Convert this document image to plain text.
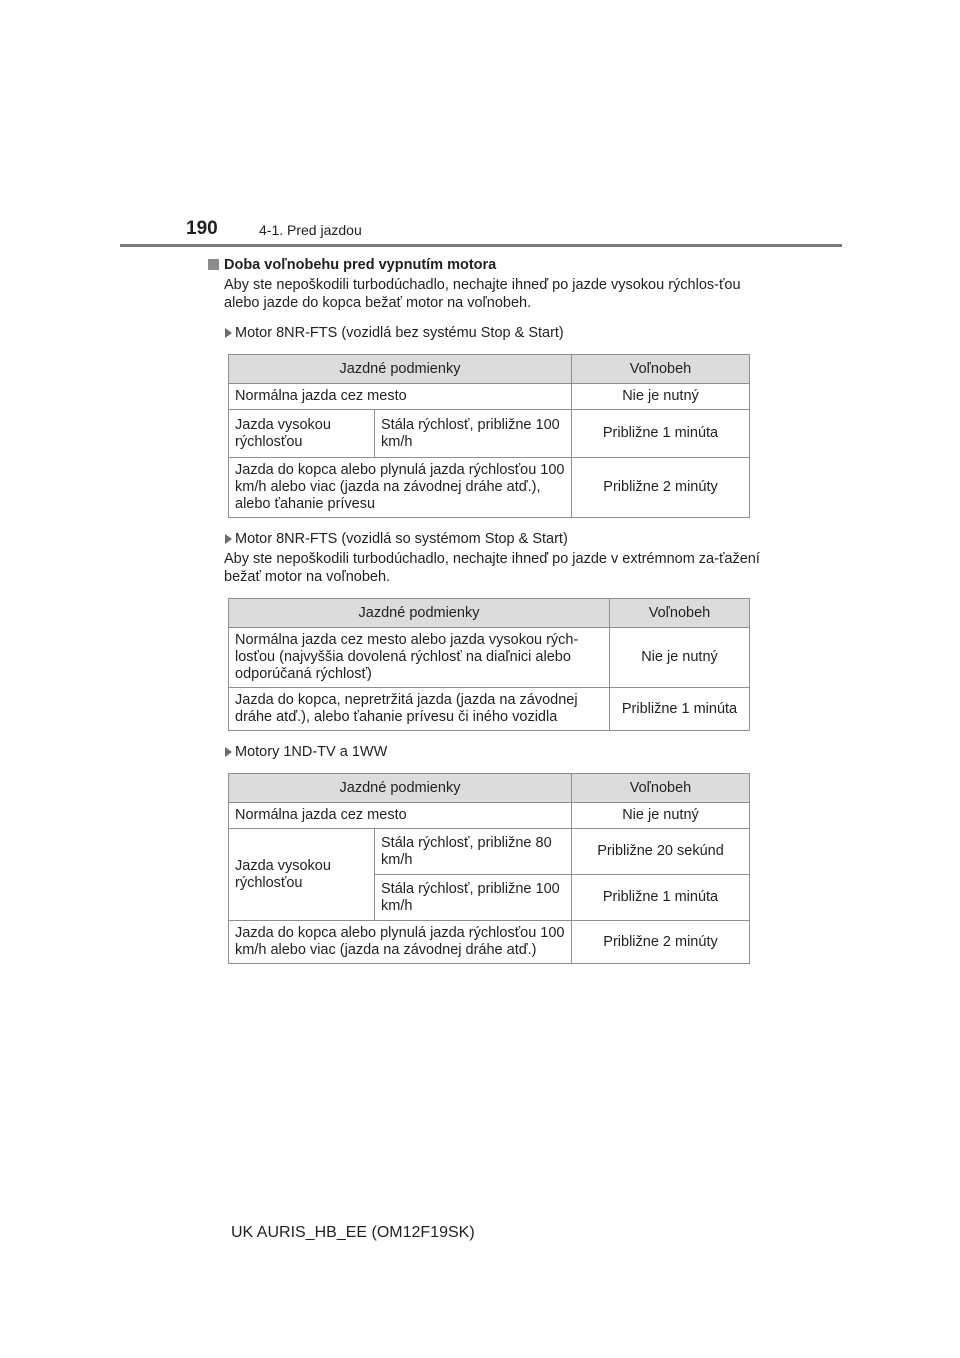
190	4-1. Pred jazdou
Doba voľnobehu pred vypnutím motora
Aby ste nepoškodili turbodúchadlo, nechajte ihneď po jazde vysokou rýchlos-ťou alebo jazde do kopca bežať motor na voľnobeh.
Motor 8NR-FTS (vozidlá bez systému Stop & Start)
Jazdné podmienky		Voľnobeh
Normálna jazda cez mesto		Nie je nutný
Jazda vysokou rýchlosťou	Stála rýchlosť, približne 100 km/h	Približne 1 minúta
Jazda do kopca alebo plynulá jazda rýchlosťou 100 km/h alebo viac (jazda na závodnej dráhe atď.), alebo ťahanie prívesu		Približne 2 minúty
Motor 8NR-FTS (vozidlá so systémom Stop & Start)
Aby ste nepoškodili turbodúchadlo, nechajte ihneď po jazde v extrémnom za-ťažení bežať motor na voľnobeh.
Jazdné podmienky	Voľnobeh
Normálna jazda cez mesto alebo jazda vysokou rých-losťou (najvyššia dovolená rýchlosť na diaľnici alebo odporúčaná rýchlosť)	Nie je nutný
Jazda do kopca, nepretržitá jazda (jazda na závodnej dráhe atď.), alebo ťahanie prívesu či iného vozidla	Približne 1 minúta
Motory 1ND-TV a 1WW
Jazdné podmienky		Voľnobeh
Normálna jazda cez mesto		Nie je nutný
Jazda vysokou rýchlosťou	Stála rýchlosť, približne 80 km/h	Približne 20 sekúnd
	Stála rýchlosť, približne 100 km/h	Približne 1 minúta
Jazda do kopca alebo plynulá jazda rýchlosťou 100 km/h alebo viac (jazda na závodnej dráhe atď.)		Približne 2 minúty
UK AURIS_HB_EE (OM12F19SK)
